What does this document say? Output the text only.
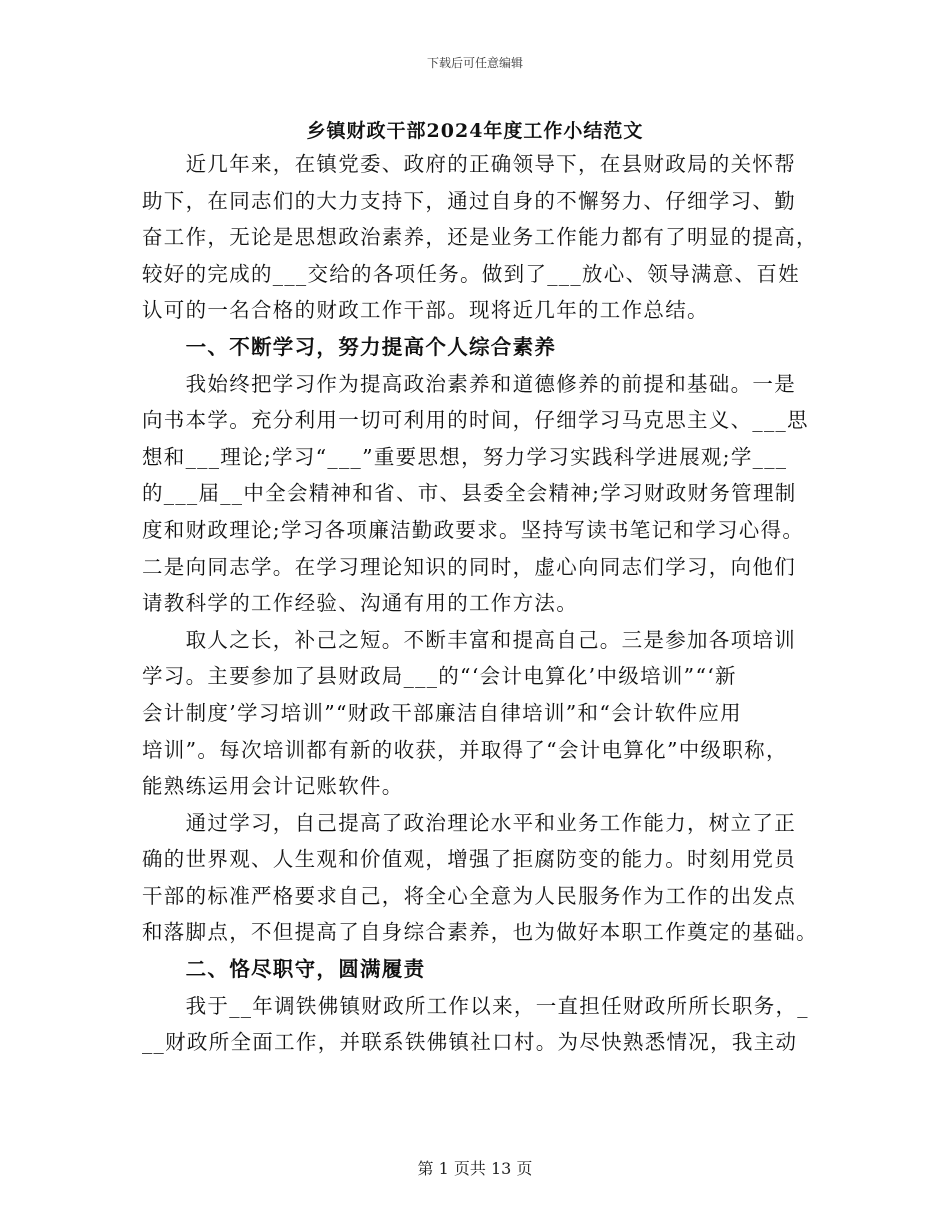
下载后可任意编辑
乡镇财政干部2024年度工作小结范文
　　近几年来，在镇党委、政府的正确领导下，在县财政局的关怀帮
助下，在同志们的大力支持下，通过自身的不懈努力、仔细学习、勤
奋工作，无论是思想政治素养，还是业务工作能力都有了明显的提高，
较好的完成的___交给的各项任务。做到了___放心、领导满意、百姓
认可的一名合格的财政工作干部。现将近几年的工作总结。
　　一、不断学习，努力提高个人综合素养
　　我始终把学习作为提高政治素养和道德修养的前提和基础。一是
向书本学。充分利用一切可利用的时间，仔细学习马克思主义、___思
想和___理论;学习“___”重要思想，努力学习实践科学进展观;学___
的___届__中全会精神和省、市、县委全会精神;学习财政财务管理制
度和财政理论;学习各项廉洁勤政要求。坚持写读书笔记和学习心得。
二是向同志学。在学习理论知识的同时，虚心向同志们学习，向他们
请教科学的工作经验、沟通有用的工作方法。
　　取人之长，补己之短。不断丰富和提高自己。三是参加各项培训
学习。主要参加了县财政局___的“‘会计电算化’中级培训”“‘新
会计制度’学习培训”“财政干部廉洁自律培训”和“会计软件应用
培训”。每次培训都有新的收获，并取得了“会计电算化”中级职称，
能熟练运用会计记账软件。
　　通过学习，自己提高了政治理论水平和业务工作能力，树立了正
确的世界观、人生观和价值观，增强了拒腐防变的能力。时刻用党员
干部的标准严格要求自己，将全心全意为人民服务作为工作的出发点
和落脚点，不但提高了自身综合素养，也为做好本职工作奠定的基础。
　　二、恪尽职守，圆满履责
　　我于__年调铁佛镇财政所工作以来，一直担任财政所所长职务，_
__财政所全面工作，并联系铁佛镇社口村。为尽快熟悉情况，我主动
第 1 页共 13 页
